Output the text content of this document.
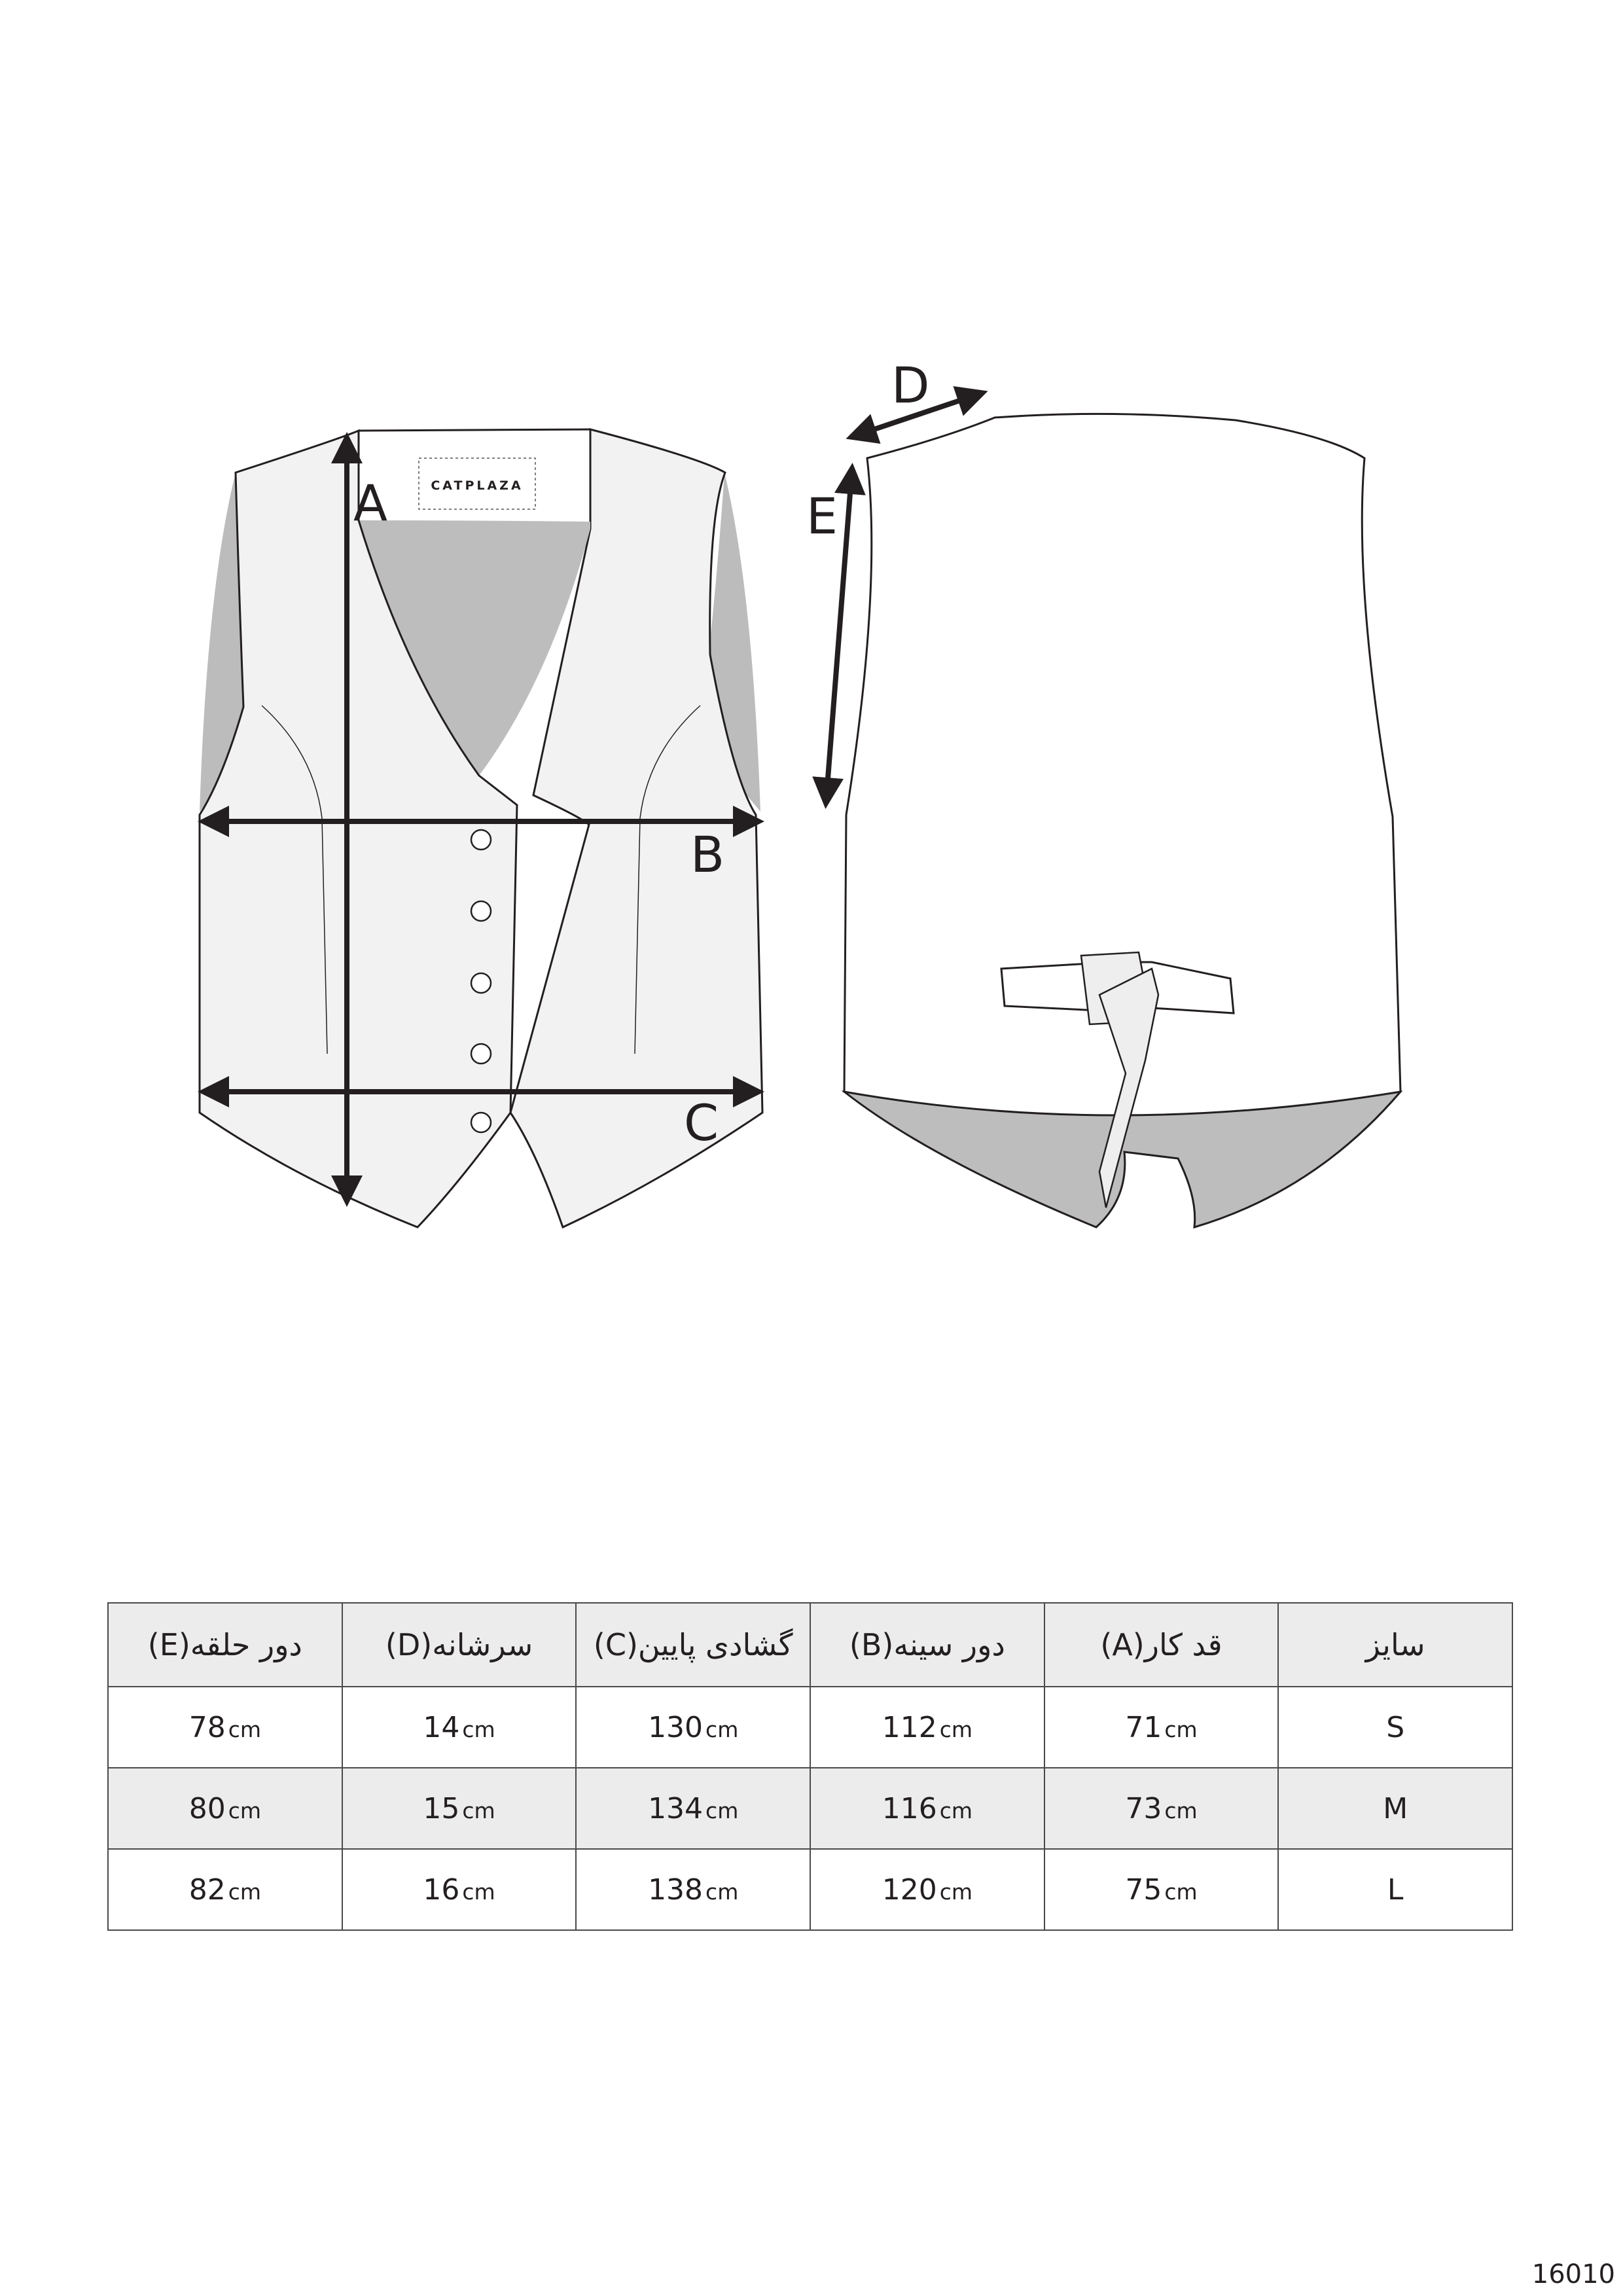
CATPLAZA
A
B
C
D
E
سایز	قد کار(A)	دور سینه(B)	گشادی پایین(C)	سرشانه(D)	دور حلقه(E)
S	71 cm	112 cm	130 cm	14 cm	78 cm
M	73 cm	116 cm	134 cm	15 cm	80 cm
L	75 cm	120 cm	138 cm	16 cm	82 cm
16010
